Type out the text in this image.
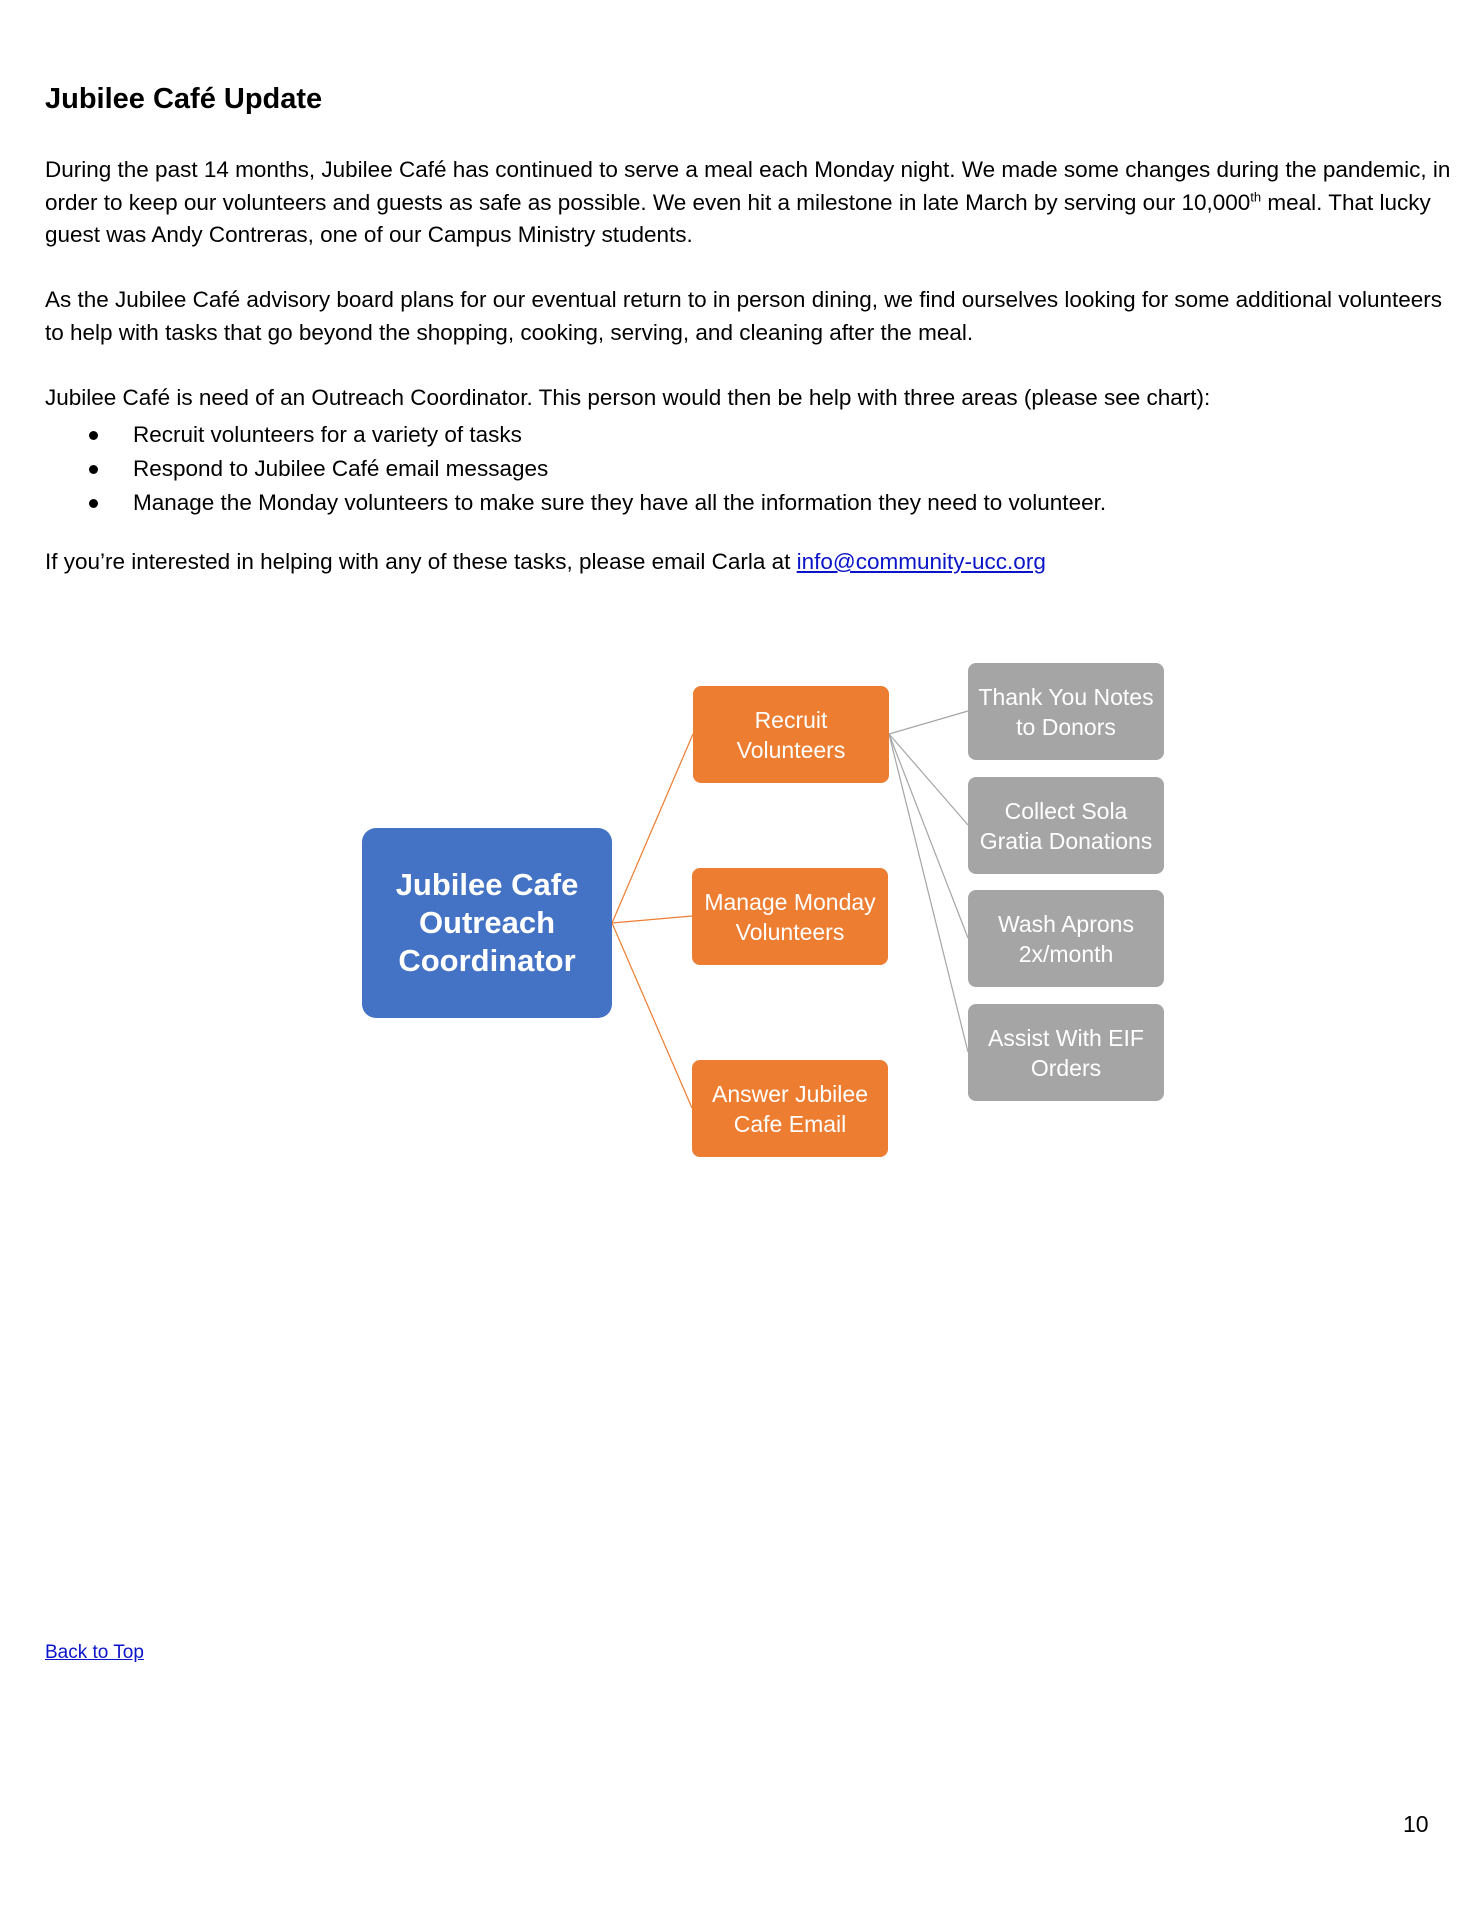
Jubilee Café Update

During the past 14 months, Jubilee Café has continued to serve a meal each Monday night. We made some changes during the pandemic, in order to keep our volunteers and guests as safe as possible. We even hit a milestone in late March by serving our 10,000th meal. That lucky guest was Andy Contreras, one of our Campus Ministry students.

As the Jubilee Café advisory board plans for our eventual return to in person dining, we find ourselves looking for some additional volunteers to help with tasks that go beyond the shopping, cooking, serving, and cleaning after the meal.

Jubilee Café is need of an Outreach Coordinator. This person would then be help with three areas (please see chart):

Recruit volunteers for a variety of tasks
Respond to Jubilee Café email messages
Manage the Monday volunteers to make sure they have all the information they need to volunteer.

If you’re interested in helping with any of these tasks, please email Carla at info@community-ucc.org

Jubilee Cafe Outreach Coordinator
Recruit Volunteers
Manage Monday Volunteers
Answer Jubilee Cafe Email
Thank You Notes to Donors
Collect Sola Gratia Donations
Wash Aprons 2x/month
Assist With EIF Orders
Back to Top
10
